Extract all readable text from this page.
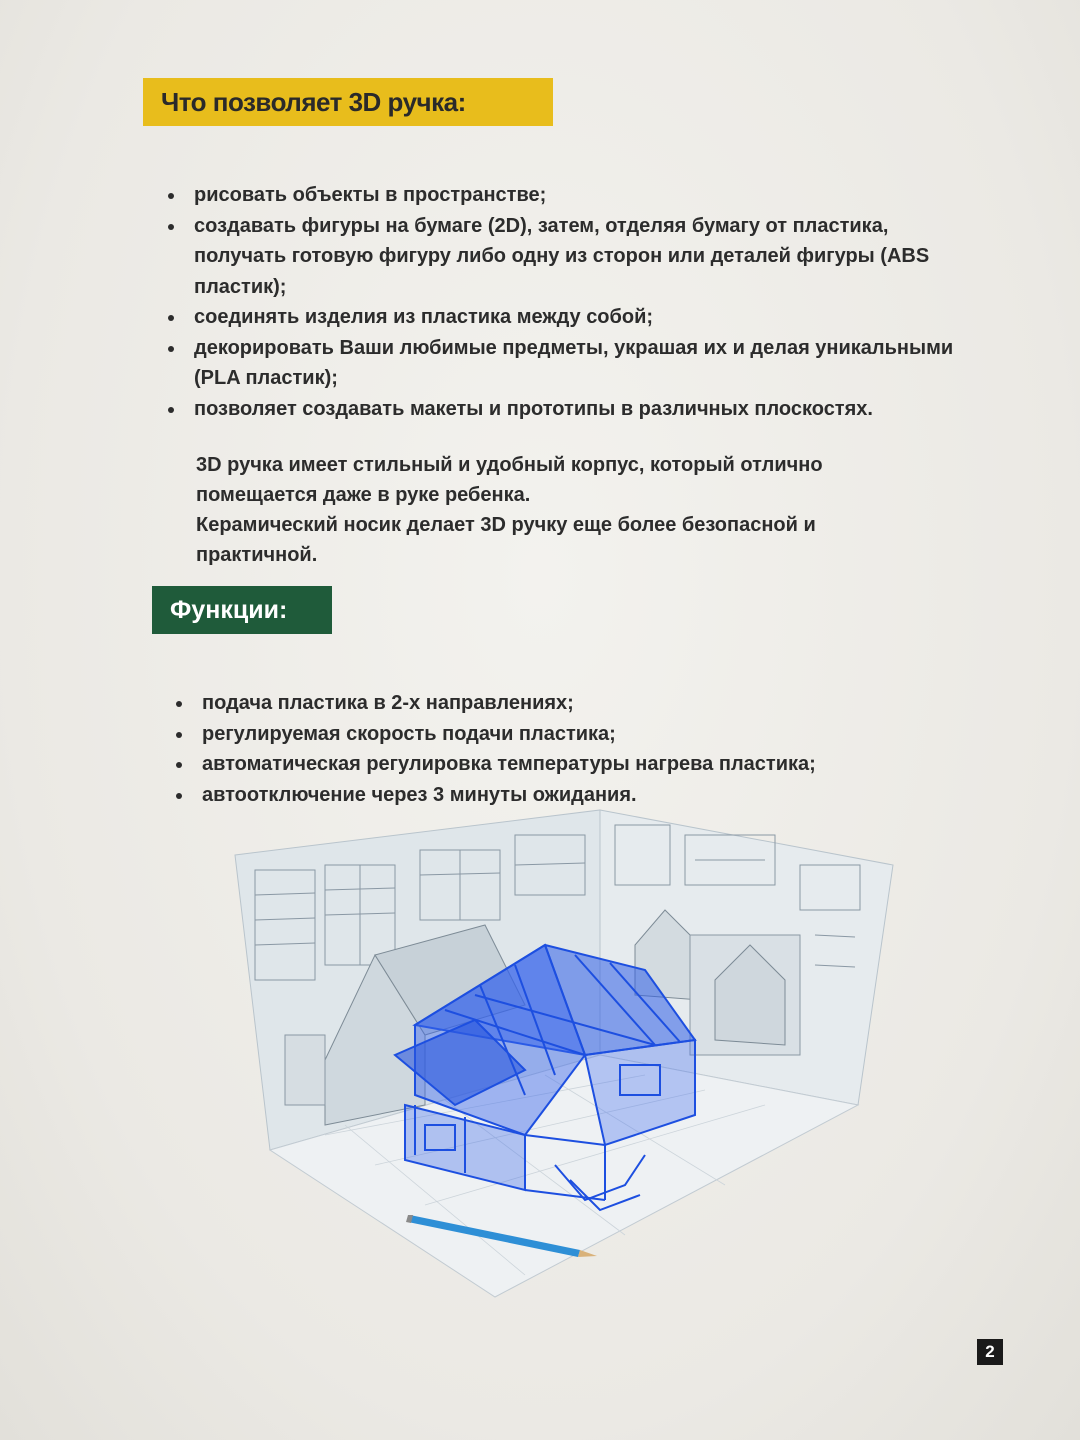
Что позволяет 3D ручка:
рисовать объекты в пространстве;
создавать фигуры на бумаге (2D), затем, отделяя бумагу от пластика, получать готовую фигуру либо одну из сторон или деталей фигуры (ABS пластик);
соединять изделия из пластика между собой;
декорировать Ваши любимые предметы, украшая их и делая уникальными (PLA пластик);
позволяет создавать макеты и прототипы в различных плоскостях.

3D ручка имеет стильный и удобный корпус, который отлично помещается даже в руке ребенка.

Керамический носик делает 3D ручку еще более безопасной и практичной.

Функции:
подача пластика в 2-х направлениях;
регулируемая скорость подачи пластика;
автоматическая регулировка температуры нагрева пластика;
автоотключение через 3 минуты ожидания.
2
